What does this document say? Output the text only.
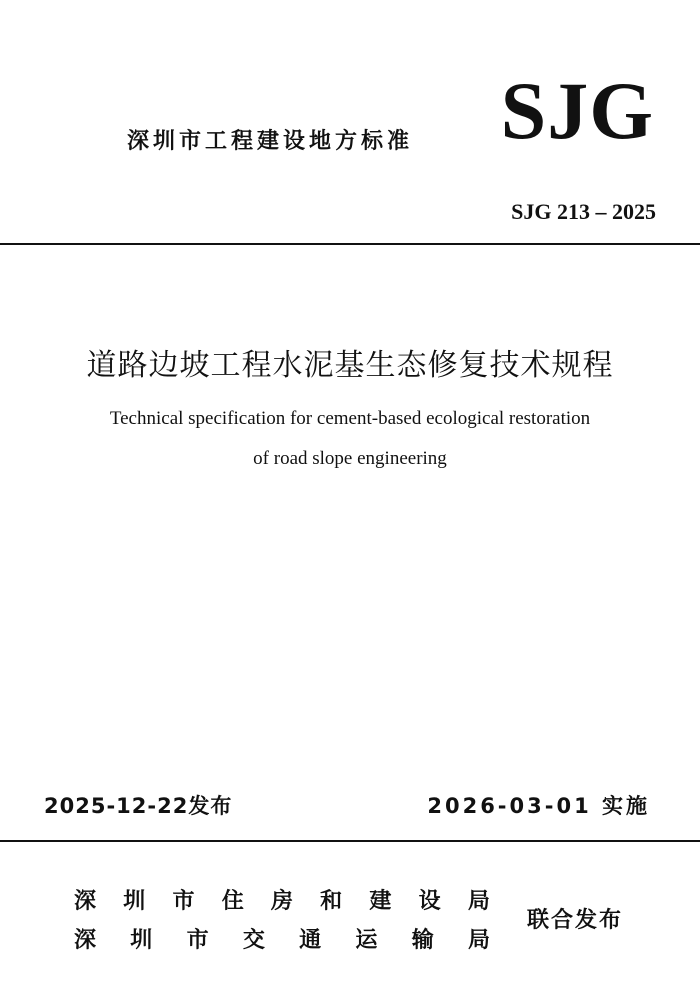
深圳市工程建设地方标准 SJG
SJG 213 – 2025
道路边坡工程水泥基生态修复技术规程
Technical specification for cement-based ecological restoration
of road slope engineering
2025-12-22发布	2026-03-01 实施
深 圳 市 住 房 和 建 设 局
深 圳 市 交 通 运 输 局
联合发布
